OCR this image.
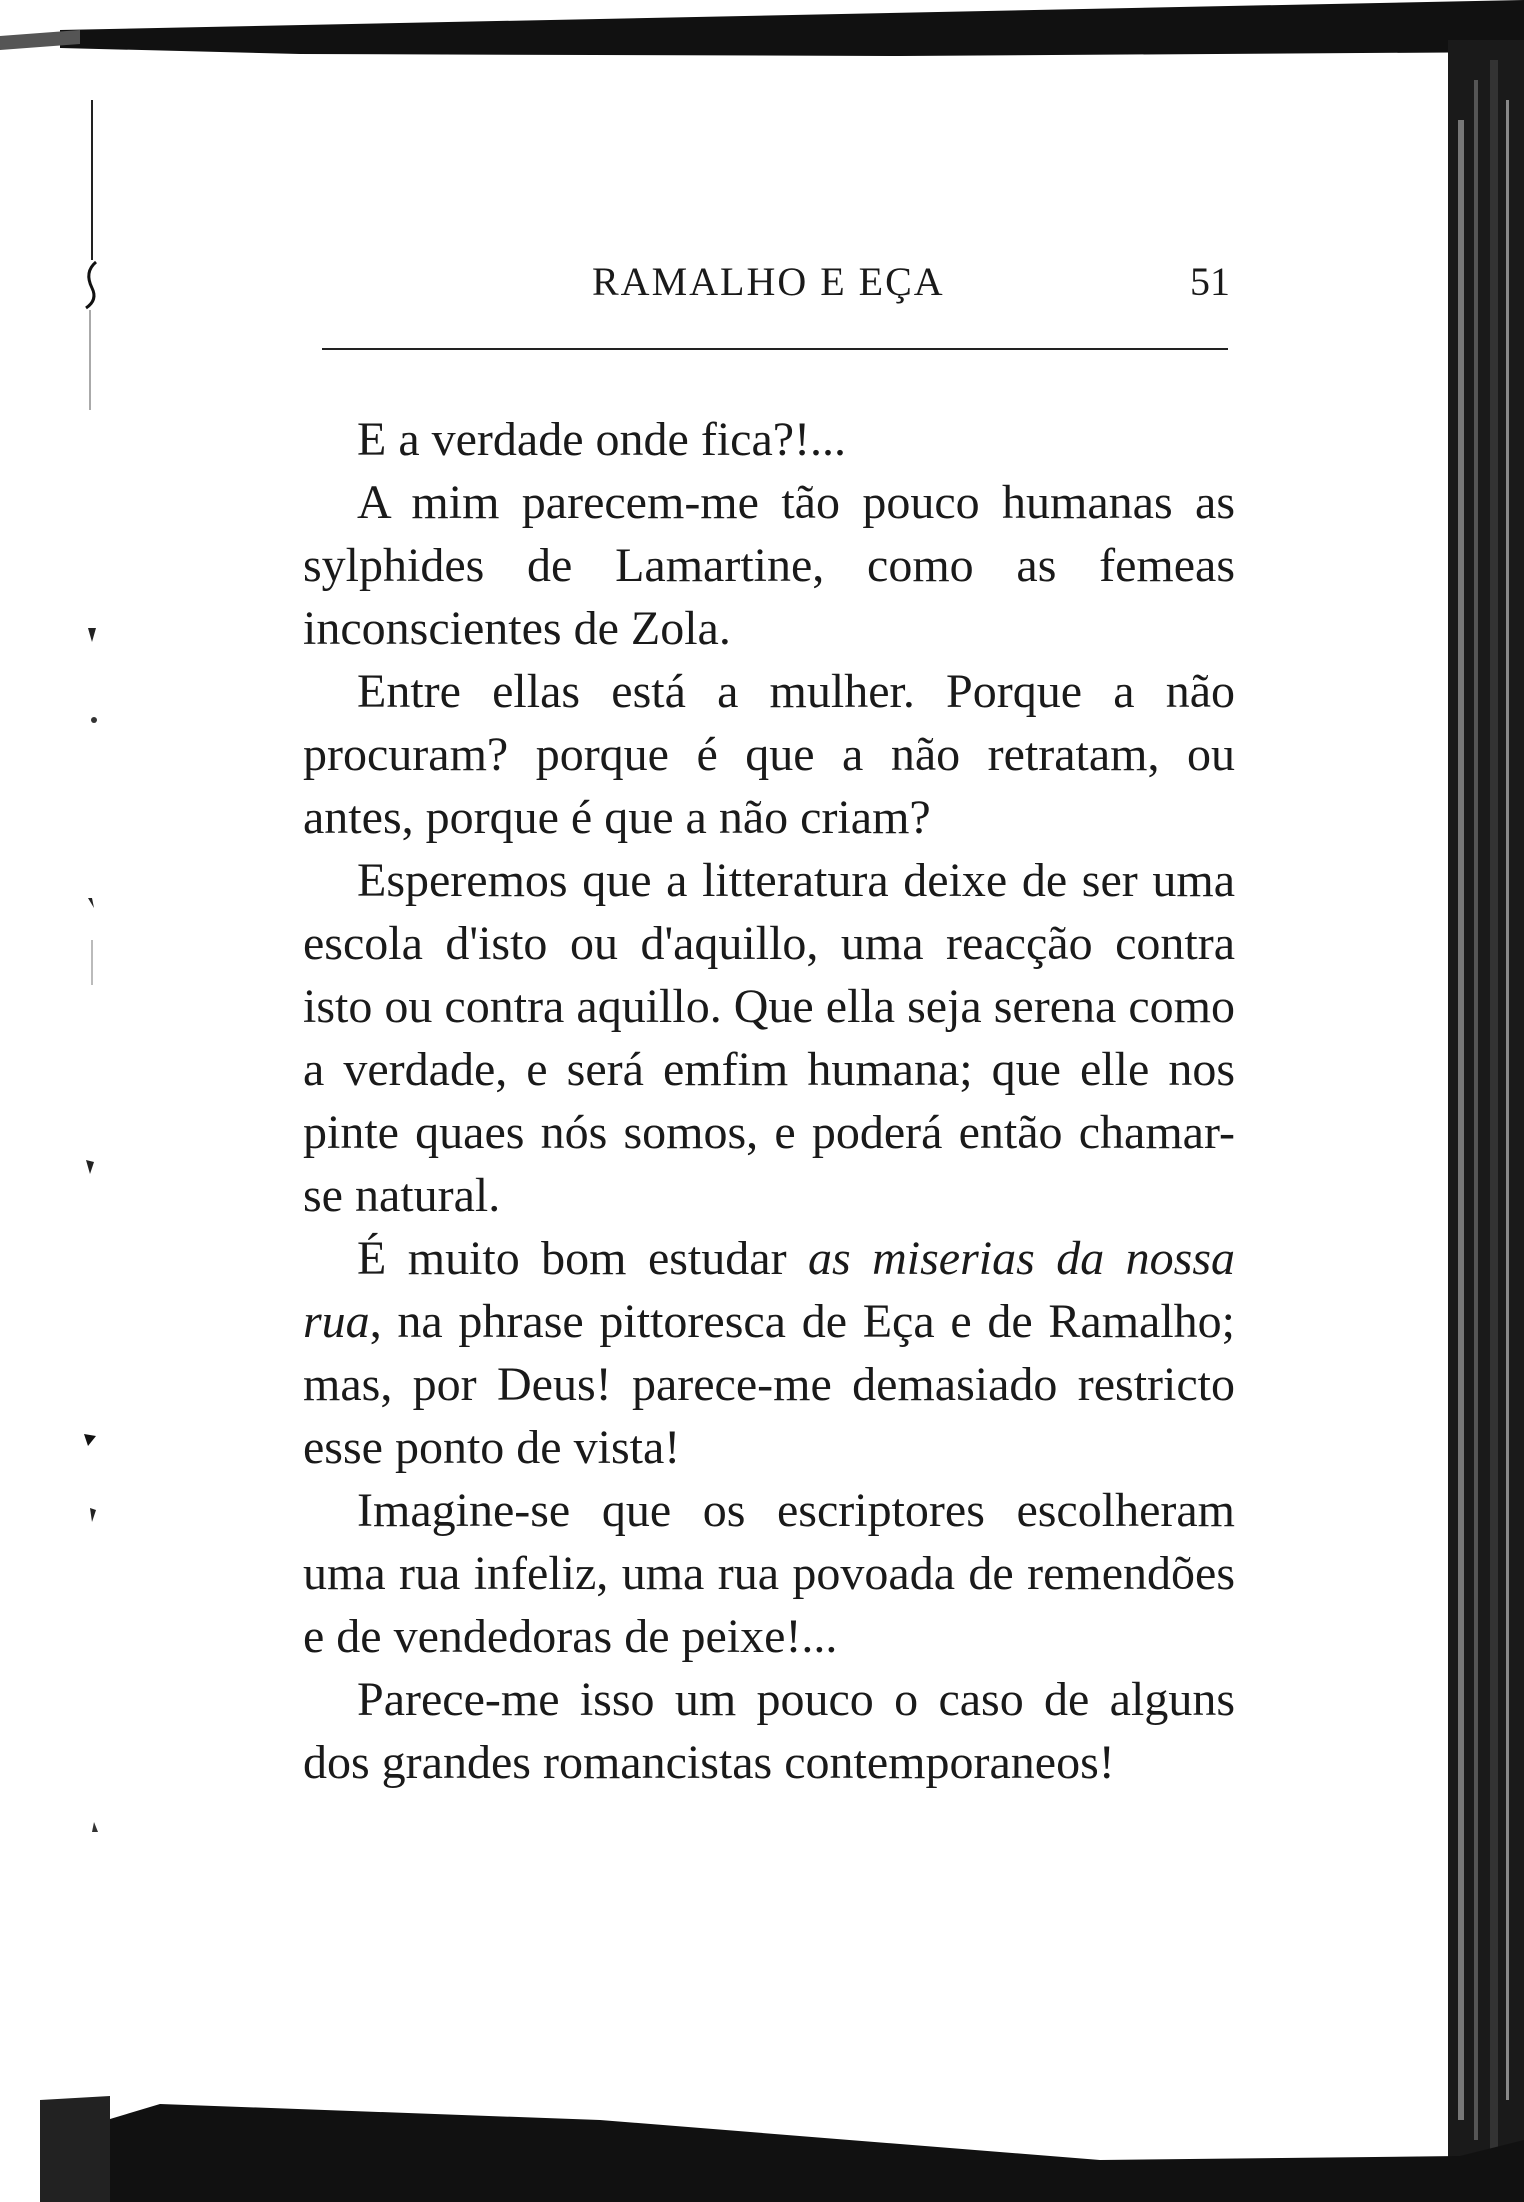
RAMALHO E EÇA	51

E a verdade onde fica?!...

A mim parecem-me tão pouco humanas as sylphides de Lamartine, como as femeas inconscientes de Zola.

Entre ellas está a mulher. Porque a não procuram? porque é que a não retratam, ou antes, porque é que a não criam?

Esperemos que a litteratura deixe de ser uma escola d'isto ou d'aquillo, uma reacção contra isto ou contra aquillo. Que ella seja serena como a verdade, e será emfim humana; que elle nos pinte quaes nós somos, e poderá então chamar-se natural.

É muito bom estudar as miserias da nossa rua, na phrase pittoresca de Eça e de Ramalho; mas, por Deus! parece-me demasiado restricto esse ponto de vista!

Imagine-se que os escriptores escolheram uma rua infeliz, uma rua povoada de remendões e de vendedoras de peixe!...

Parece-me isso um pouco o caso de alguns dos grandes romancistas contemporaneos!
